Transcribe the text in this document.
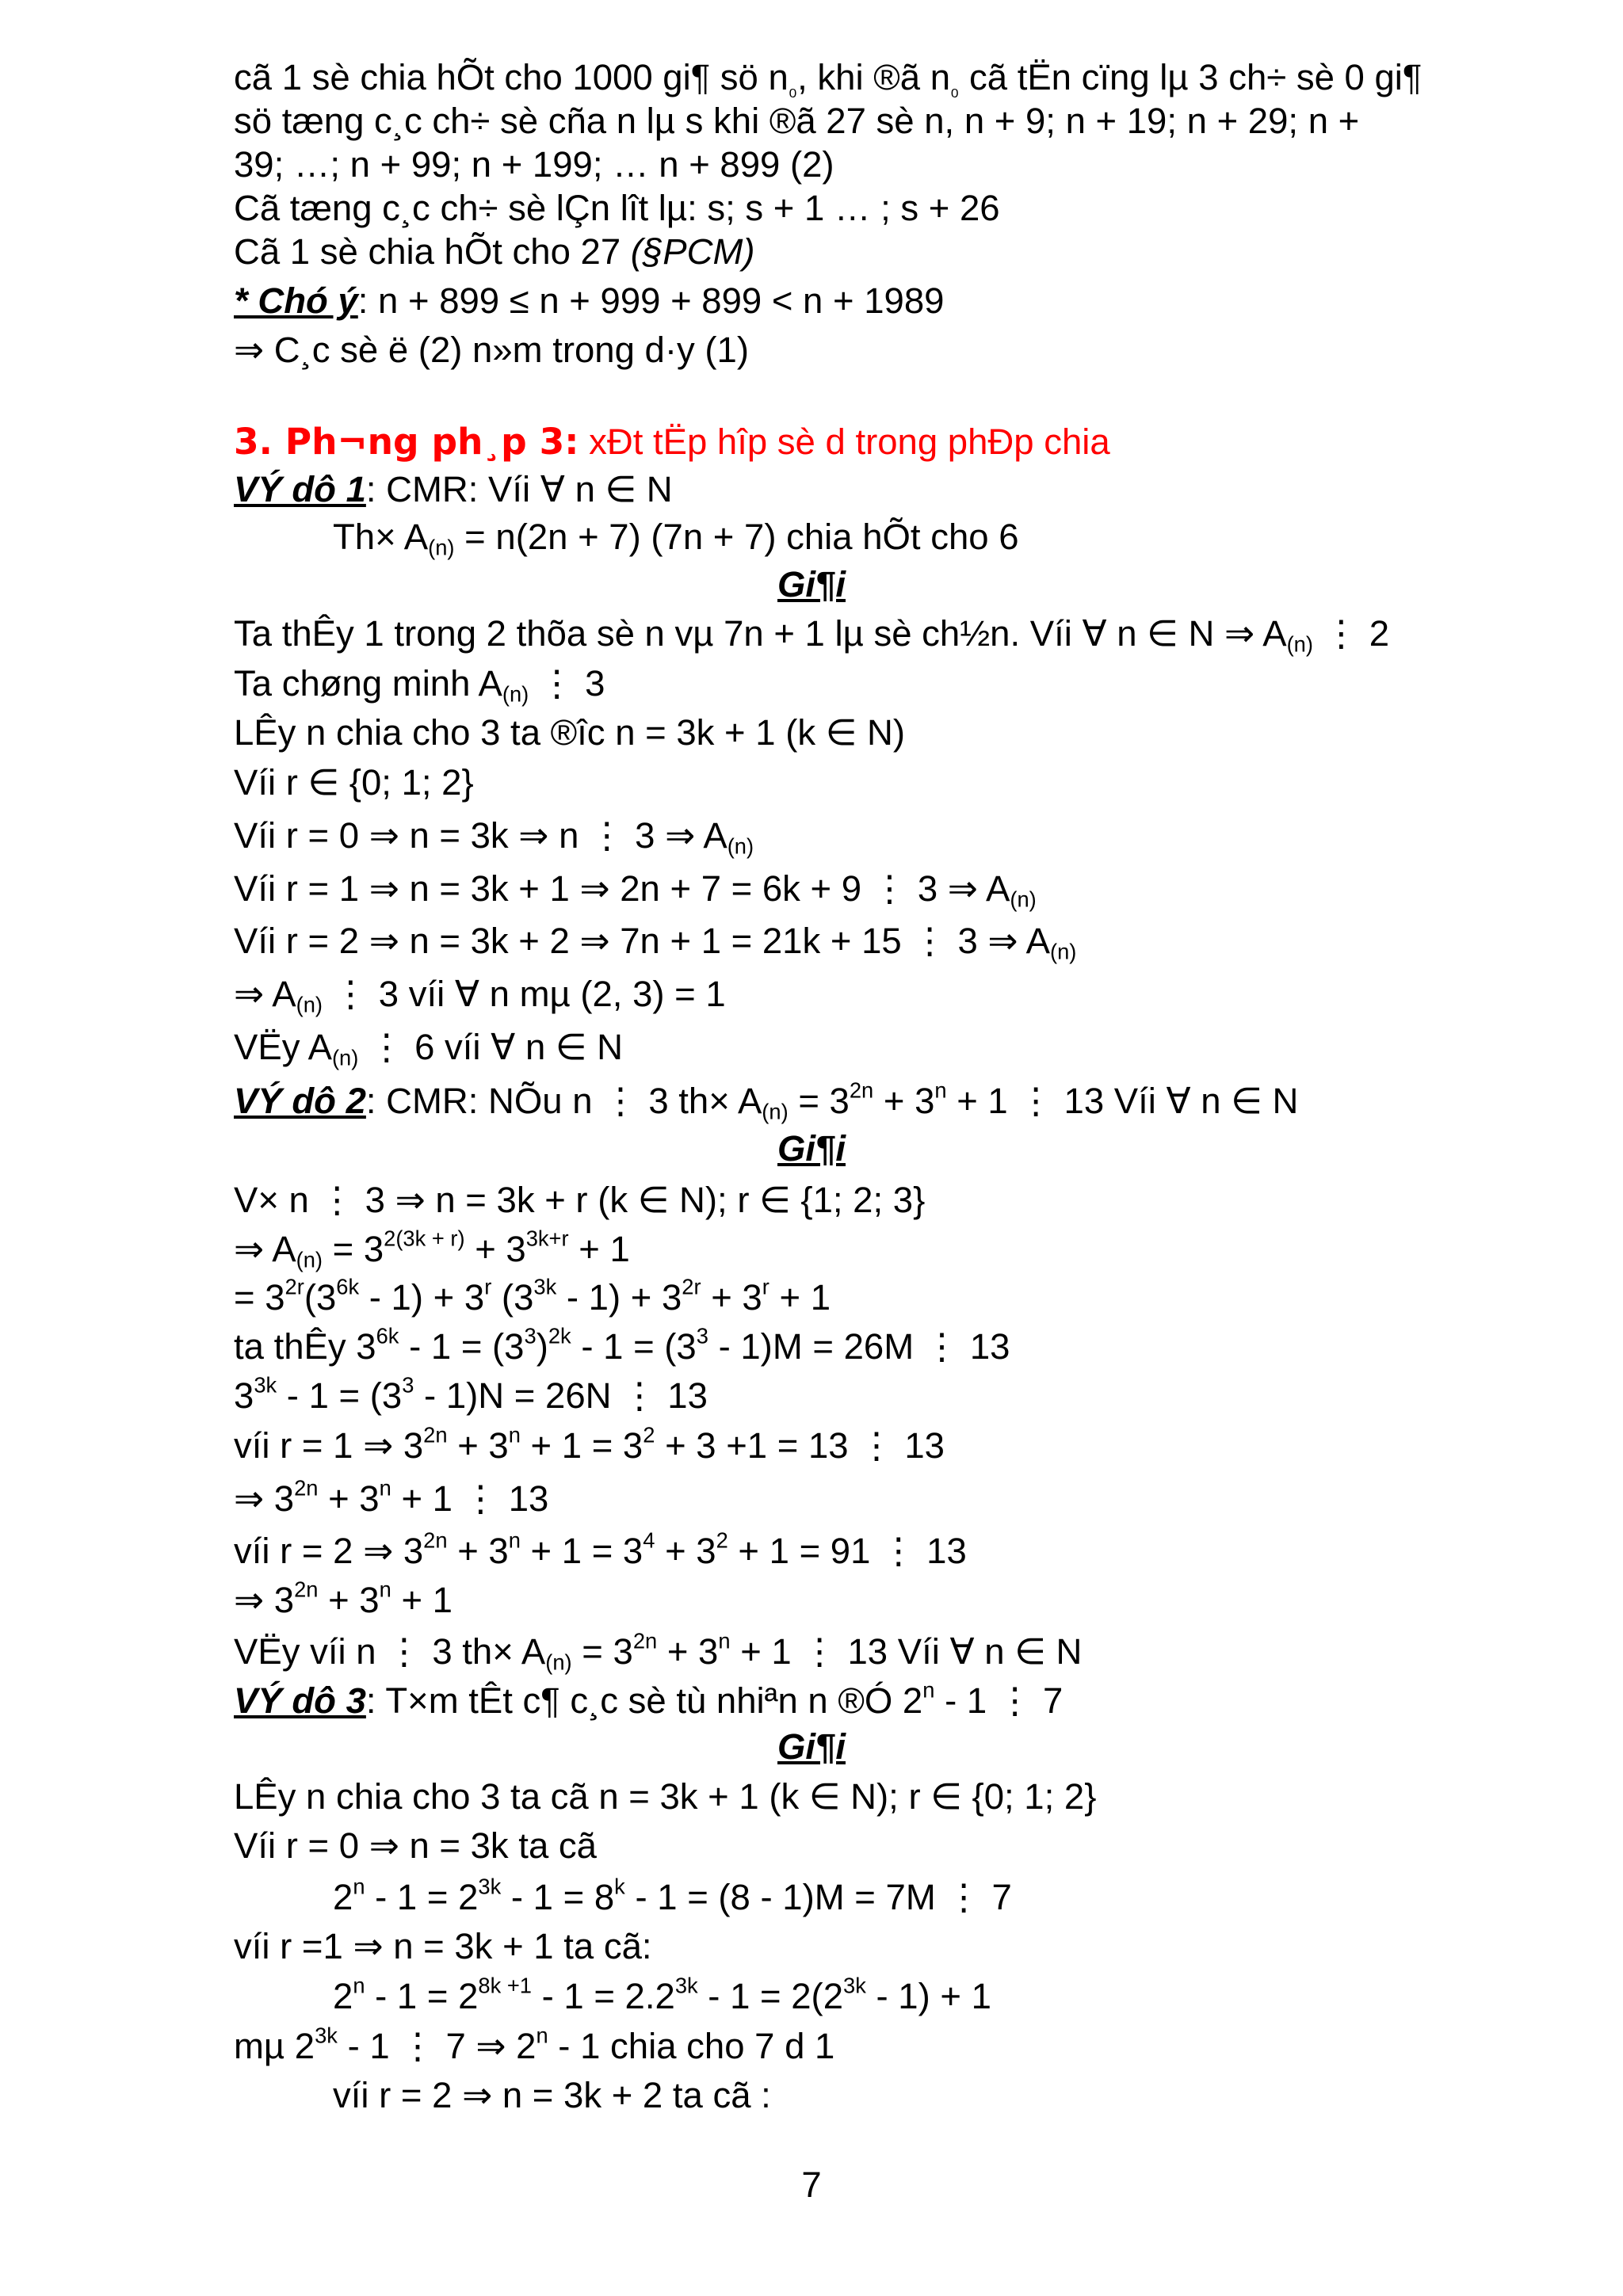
cã 1 sè chia hÕt cho 1000 gi¶ sö $n_{_0}$, khi ®ã $n_{_0}$ cã tËn cïng lµ 3 ch÷ sè 0 gi¶
sö tæng c¸c ch÷ sè cña n lµ s khi ®ã 27 sè n, n + 9; n + 19; n + 29; n +
39; …; n + 99; n + 199; … n + 899 (2)
Cã tæng c¸c ch÷ sè lÇn lît lµ: s; s + 1 … ; s + 26
Cã 1 sè chia hÕt cho 27 (§PCM)
* Chó ý: n + 899 ≤ n + 999 + 899 < n + 1989
⇒ C¸c sè ë (2) n»m trong d·y (1)
3. Ph¬ng ph¸p 3: xÐt tËp hîp sè d trong phÐp chia
VÝ dô 1: CMR: Víi ∀ n ∈ N
$Th\times A_{(n)} = n(2n + 7) (7n + 7)$ chia hÕt cho 6
Gi¶i
Ta thÊy 1 trong 2 thõa sè n vµ 7n + 1 lµ sè ch½n. Víi ∀ n ∈ N ⇒ $A_{(n)}$ ⋮ 2
Ta chøng minh $A_{(n)}$ ⋮ 3
LÊy n chia cho 3 ta ®îc n = 3k + 1 (k ∈ N)
Víi r ∈ {0; 1; 2}
Víi r = 0 ⇒ n = 3k ⇒ n ⋮ 3 ⇒ $A_{(n)}$
Víi r = 1 ⇒ n = 3k + 1 ⇒ 2n + 7 = 6k + 9 ⋮ 3 ⇒ $A_{(n)}$
Víi r = 2 ⇒ n = 3k + 2 ⇒ 7n + 1 = 21k + 15 ⋮ 3 ⇒ $A_{(n)}$
⇒ $A_{(n)}$ ⋮ 3 víi ∀ n mµ (2, 3) = 1
VËy $A_{(n)}$ ⋮ 6 víi ∀ n ∈ N
VÝ dô 2: CMR: NÕu n ⋮ 3 $th\times A_{(n)} = 3^{2n} + 3^n + 1$ ⋮ 13 Víi ∀ n ∈ N
Gi¶i
V× n ⋮ 3 ⇒ n = 3k + r (k ∈ N); r ∈ {1; 2; 3}
⇒ $A_{(n)} = 3^{2(3k + r)} + 3^{3k+r} + 1$
= $3^{2r}(3^{6k} - 1) + 3^r$ $(3^{3k} - 1) + 3^{2r} + 3^r + 1$
ta thÊy $3^{6k} - 1 = (3^3)^{2k} - 1 = (3^3 - 1)M = 26M$ ⋮ 13
$3^{3k} - 1 = (3^3 - 1)N = 26N$ ⋮ 13
víi r = 1 ⇒ $3^{2n} + 3^n + 1 = 3^2 + 3 +1 = 13$ ⋮ 13
⇒ $3^{2n} + 3^n + 1$ ⋮ 13
víi r = 2 ⇒ $3^{2n} + 3^n + 1 = 3^4 + 3^2 + 1 = 91$ ⋮ 13
⇒ $3^{2n} + 3^n + 1$
VËy víi n ⋮ 3 $th\times A_{(n)} = 3^{2n} + 3^n + 1$ ⋮ 13 Víi ∀ n ∈ N
VÝ dô 3: T×m tÊt c¶ c¸c sè tù nhiªn n ®Ó 2$^n$ - 1 ⋮ 7
Gi¶i
LÊy n chia cho 3 ta cã n = 3k + 1 (k ∈ N); r ∈ {0; 1; 2}
Víi r = 0 ⇒ n = 3k ta cã
$2^n - 1 = 2^{3k} - 1 = 8^k - 1 = (8 - 1)M = 7M$ ⋮ 7
víi r =1 ⇒ n = 3k + 1 ta cã:
$2^n - 1 = 2^{8k +1} - 1 = 2.2^{3k} - 1 = 2(2^{3k} - 1) + 1$
mµ $2^{3k} - 1$ ⋮ 7 ⇒ 2$^n$ - 1 chia cho 7 d 1
víi r = 2 ⇒ n = 3k + 2 ta cã :
7
